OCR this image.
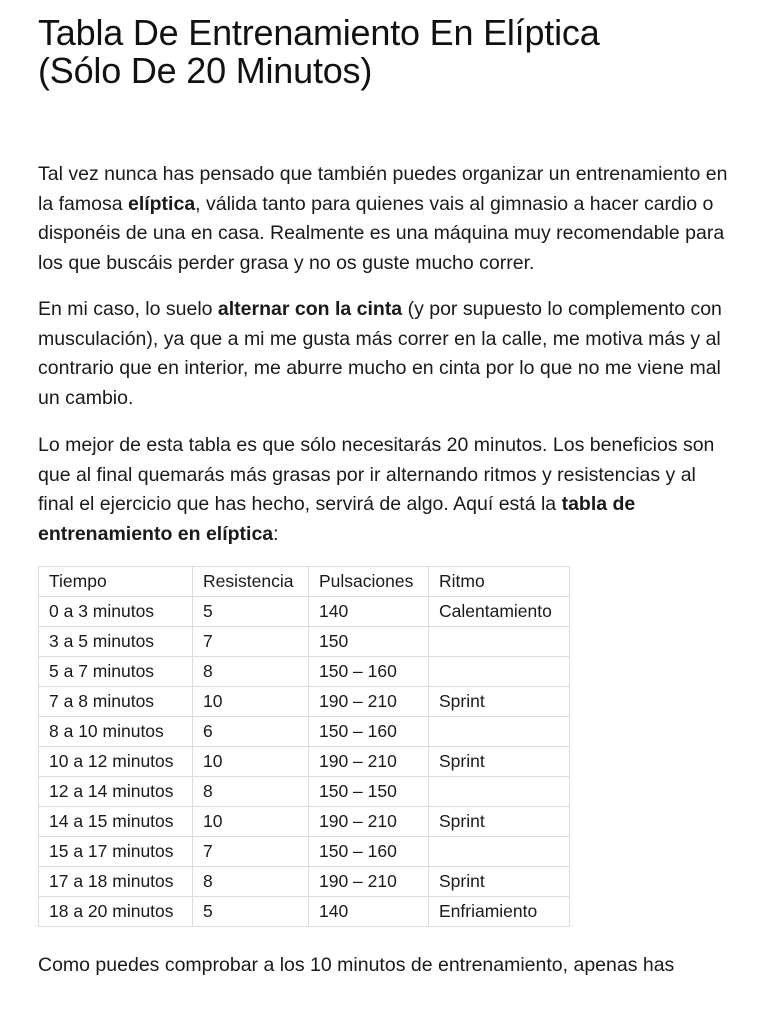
Tabla De Entrenamiento En Elíptica
(Sólo De 20 Minutos)

Tal vez nunca has pensado que también puedes organizar un entrenamiento en la famosa elíptica, válida tanto para quienes vais al gimnasio a hacer cardio o disponéis de una en casa. Realmente es una máquina muy recomendable para los que buscáis perder grasa y no os guste mucho correr.

En mi caso, lo suelo alternar con la cinta (y por supuesto lo complemento con musculación), ya que a mi me gusta más correr en la calle, me motiva más y al contrario que en interior, me aburre mucho en cinta por lo que no me viene mal un cambio.

Lo mejor de esta tabla es que sólo necesitarás 20 minutos. Los beneficios son que al final quemarás más grasas por ir alternando ritmos y resistencias y al final el ejercicio que has hecho, servirá de algo. Aquí está la tabla de entrenamiento en elíptica:

Tiempo	Resistencia	Pulsaciones	Ritmo
0 a 3 minutos	5	140	Calentamiento
3 a 5 minutos	7	150	
5 a 7 minutos	8	150 – 160	
7 a 8 minutos	10	190 – 210	Sprint
8 a 10 minutos	6	150 – 160	
10 a 12 minutos	10	190 – 210	Sprint
12 a 14 minutos	8	150 – 150	
14 a 15 minutos	10	190 – 210	Sprint
15 a 17 minutos	7	150 – 160	
17 a 18 minutos	8	190 – 210	Sprint
18 a 20 minutos	5	140	Enfriamiento

Como puedes comprobar a los 10 minutos de entrenamiento, apenas has
